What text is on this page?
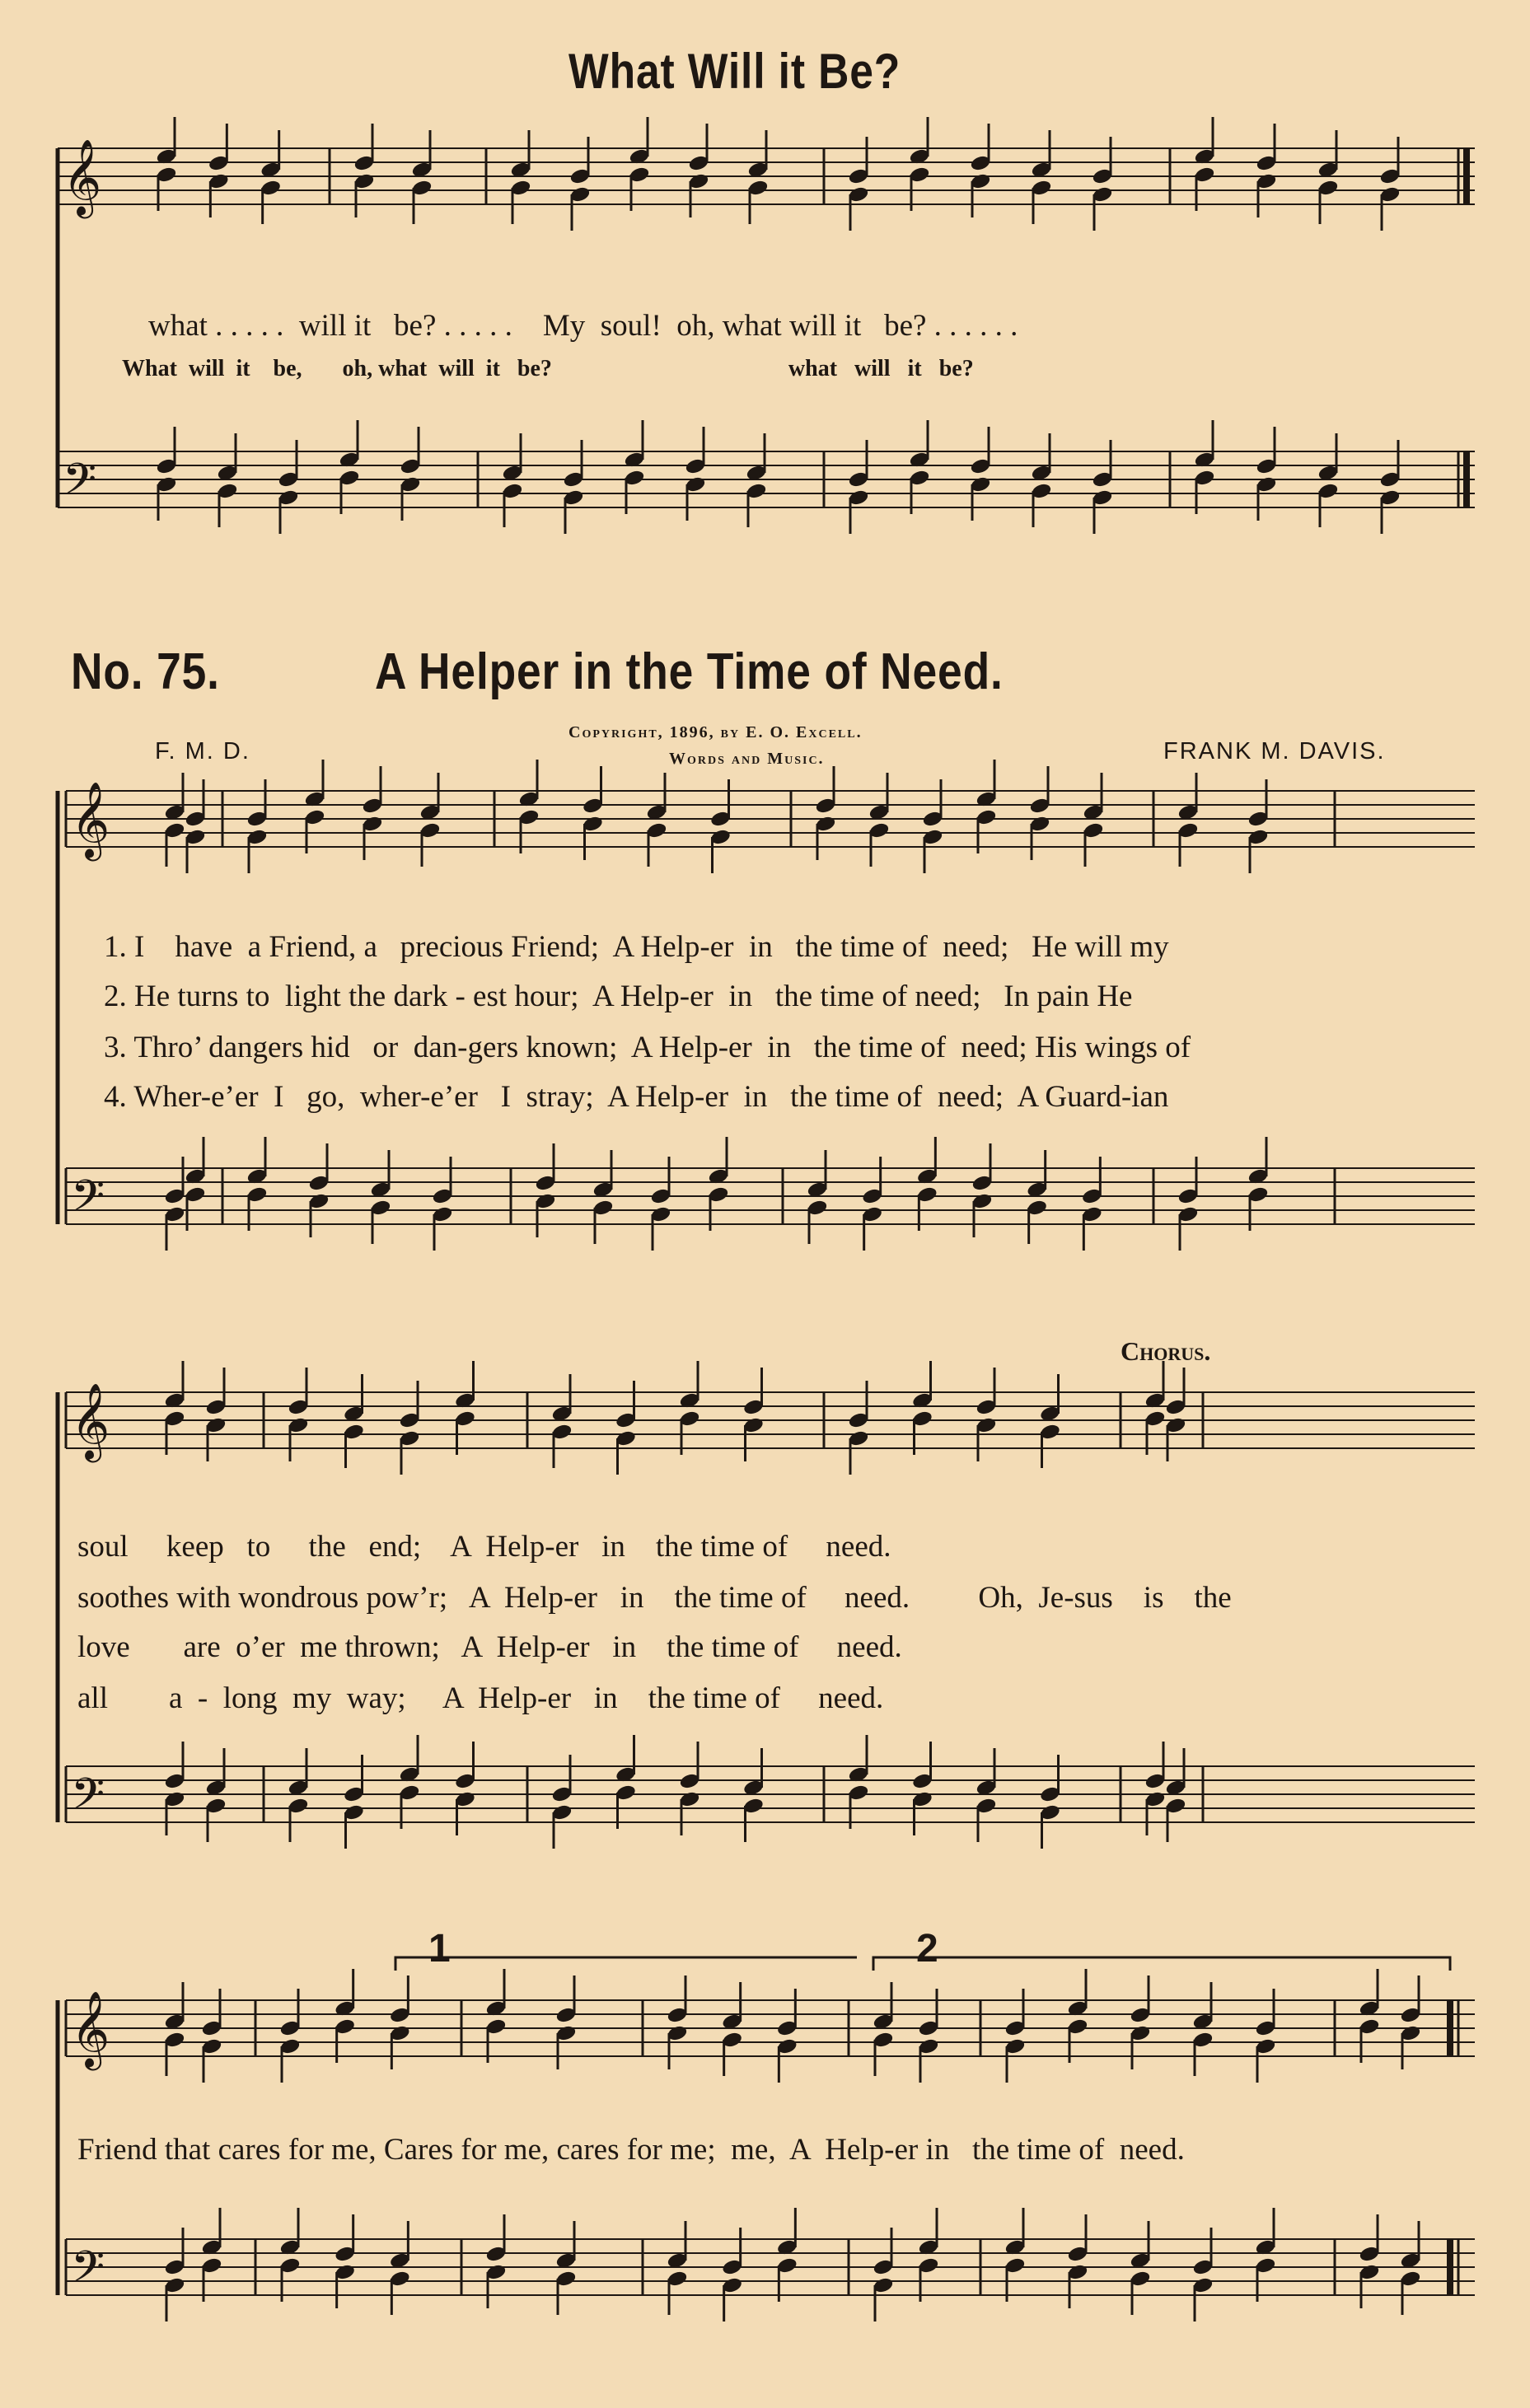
What Will it Be?
𝄞
𝄢
𝄞
𝄢
𝄞
𝄢
𝄞
𝄢
what . . . . .  will it   be? . . . . .    My  soul!  oh, what will it   be? . . . . . .
What  will  it    be,       oh, what  will  it   be?                                         what   will   it   be?
No. 75.	A Helper in the Time of Need.
F. M. D.
Copyright, 1896, by E. O. Excell.
Words and Music.	FRANK M. DAVIS.
1. I    have  a Friend, a   precious Friend;  A Help-er  in   the time of  need;   He will my
2. He turns to  light the dark - est hour;  A Help-er  in   the time of need;   In pain He
3. Thro’ dangers hid   or  dan-gers known;  A Help-er  in   the time of  need; His wings of
4. Wher-e’er  I   go,  wher-e’er   I  stray;  A Help-er  in   the time of  need;  A Guard-ian
Chorus.
soul     keep   to     the   end;    A  Help-er   in    the time of     need.
soothes with wondrous pow’r;   A  Help-er   in    the time of     need.         Oh,  Je-sus    is    the
love       are  o’er  me thrown;   A  Help-er   in    the time of     need.
all        a  -  long  my  way;     A  Help-er   in    the time of     need.
1	2
Friend that cares for me, Cares for me, cares for me;  me,  A  Help-er in   the time of  need.
